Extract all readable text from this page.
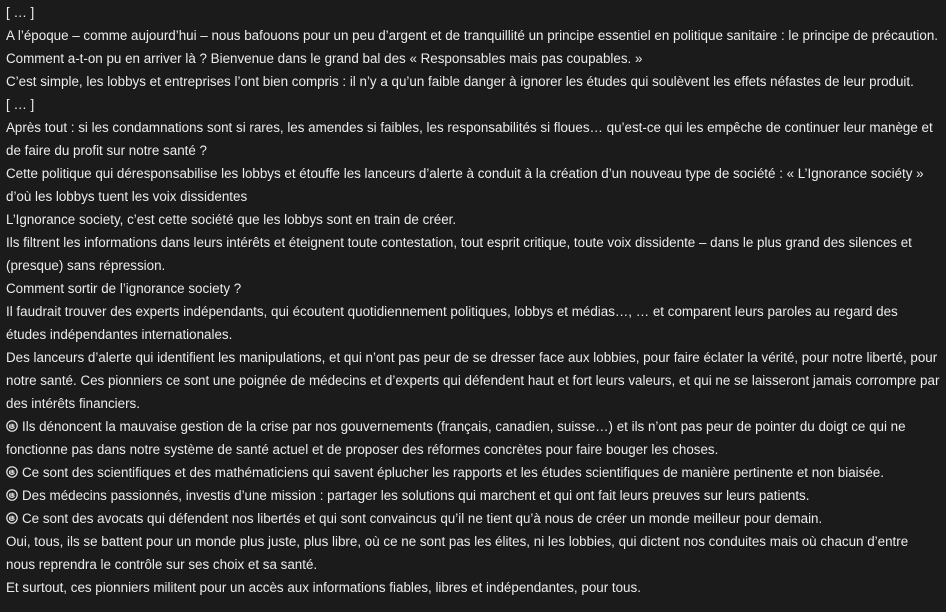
[ … ]

A l’époque – comme aujourd’hui – nous bafouons pour un peu d’argent et de tranquillité un principe essentiel en politique sanitaire : le principe de précaution.

Comment a-t-on pu en arriver là ? Bienvenue dans le grand bal des « Responsables mais pas coupables. »

C’est simple, les lobbys et entreprises l’ont bien compris : il n’y a qu’un faible danger à ignorer les études qui soulèvent les effets néfastes de leur produit.

[ … ]

Après tout : si les condamnations sont si rares, les amendes si faibles, les responsabilités si floues… qu’est-ce qui les empêche de continuer leur manège et de faire du profit sur notre santé ?

Cette politique qui déresponsabilise les lobbys et étouffe les lanceurs d’alerte à conduit à la création d’un nouveau type de société : « L’Ignorance sociéty » d’où les lobbys tuent les voix dissidentes

L’Ignorance society, c’est cette société que les lobbys sont en train de créer.

Ils filtrent les informations dans leurs intérêts et éteignent toute contestation, tout esprit critique, toute voix dissidente – dans le plus grand des silences et (presque) sans répression.

Comment sortir de l’ignorance society ?

Il faudrait trouver des experts indépendants, qui écoutent quotidiennement politiques, lobbys et médias…, … et comparent leurs paroles au regard des études indépendantes internationales.

Des lanceurs d’alerte qui identifient les manipulations, et qui n’ont pas peur de se dresser face aux lobbies, pour faire éclater la vérité, pour notre liberté, pour notre santé. Ces pionniers ce sont une poignée de médecins et d’experts qui défendent haut et fort leurs valeurs, et qui ne se laisseront jamais corrompre par des intérêts financiers.

Ils dénoncent la mauvaise gestion de la crise par nos gouvernements (français, canadien, suisse…) et ils n’ont pas peur de pointer du doigt ce qui ne fonctionne pas dans notre système de santé actuel et de proposer des réformes concrètes pour faire bouger les choses.

Ce sont des scientifiques et des mathématiciens qui savent éplucher les rapports et les études scientifiques de manière pertinente et non biaisée.

Des médecins passionnés, investis d’une mission : partager les solutions qui marchent et qui ont fait leurs preuves sur leurs patients.

Ce sont des avocats qui défendent nos libertés et qui sont convaincus qu’il ne tient qu’à nous de créer un monde meilleur pour demain.

Oui, tous, ils se battent pour un monde plus juste, plus libre, où ce ne sont pas les élites, ni les lobbies, qui dictent nos conduites mais où chacun d’entre nous reprendra le contrôle sur ses choix et sa santé.

Et surtout, ces pionniers militent pour un accès aux informations fiables, libres et indépendantes, pour tous.
